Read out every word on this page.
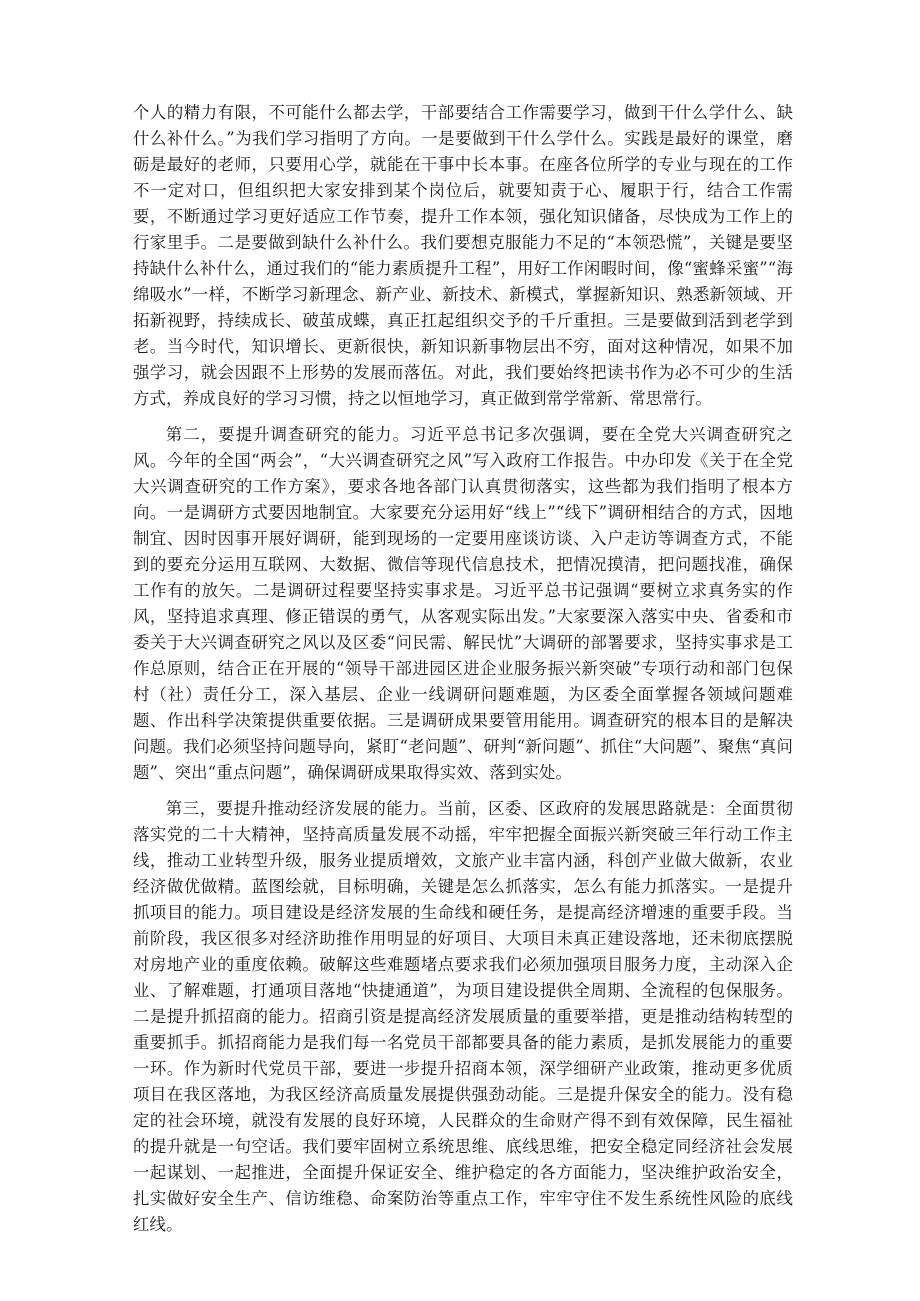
个人的精力有限，不可能什么都去学，干部要结合工作需要学习，做到干什么学什么、缺什么补什么。”为我们学习指明了方向。一是要做到干什么学什么。实践是最好的课堂，磨砺是最好的老师，只要用心学，就能在干事中长本事。在座各位所学的专业与现在的工作不一定对口，但组织把大家安排到某个岗位后，就要知责于心、履职于行，结合工作需要，不断通过学习更好适应工作节奏，提升工作本领，强化知识储备，尽快成为工作上的行家里手。二是要做到缺什么补什么。我们要想克服能力不足的“本领恐慌”，关键是要坚持缺什么补什么，通过我们的“能力素质提升工程”，用好工作闲暇时间，像“蜜蜂采蜜”“海绵吸水”一样，不断学习新理念、新产业、新技术、新模式，掌握新知识、熟悉新领域、开拓新视野，持续成长、破茧成蝶，真正扛起组织交予的千斤重担。三是要做到活到老学到老。当今时代，知识增长、更新很快，新知识新事物层出不穷，面对这种情况，如果不加强学习，就会因跟不上形势的发展而落伍。对此，我们要始终把读书作为必不可少的生活方式，养成良好的学习习惯，持之以恒地学习，真正做到常学常新、常思常行。

第二，要提升调查研究的能力。习近平总书记多次强调，要在全党大兴调查研究之风。今年的全国“两会”，“大兴调查研究之风”写入政府工作报告。中办印发《关于在全党大兴调查研究的工作方案》，要求各地各部门认真贯彻落实，这些都为我们指明了根本方向。一是调研方式要因地制宜。大家要充分运用好“线上”“线下”调研相结合的方式，因地制宜、因时因事开展好调研，能到现场的一定要用座谈访谈、入户走访等调查方式，不能到的要充分运用互联网、大数据、微信等现代信息技术，把情况摸清，把问题找准，确保工作有的放矢。二是调研过程要坚持实事求是。习近平总书记强调“要树立求真务实的作风，坚持追求真理、修正错误的勇气，从客观实际出发。”大家要深入落实中央、省委和市委关于大兴调查研究之风以及区委“问民需、解民忧”大调研的部署要求，坚持实事求是工作总原则，结合正在开展的“领导干部进园区进企业服务振兴新突破”专项行动和部门包保村（社）责任分工，深入基层、企业一线调研问题难题，为区委全面掌握各领域问题难题、作出科学决策提供重要依据。三是调研成果要管用能用。调查研究的根本目的是解决问题。我们必须坚持问题导向，紧盯“老问题”、研判“新问题”、抓住“大问题”、聚焦“真问题”、突出“重点问题”，确保调研成果取得实效、落到实处。

第三，要提升推动经济发展的能力。当前，区委、区政府的发展思路就是：全面贯彻落实党的二十大精神，坚持高质量发展不动摇，牢牢把握全面振兴新突破三年行动工作主线，推动工业转型升级，服务业提质增效，文旅产业丰富内涵，科创产业做大做新，农业经济做优做精。蓝图绘就，目标明确，关键是怎么抓落实，怎么有能力抓落实。一是提升抓项目的能力。项目建设是经济发展的生命线和硬任务，是提高经济增速的重要手段。当前阶段，我区很多对经济助推作用明显的好项目、大项目未真正建设落地，还未彻底摆脱对房地产业的重度依赖。破解这些难题堵点要求我们必须加强项目服务力度，主动深入企业、了解难题，打通项目落地“快捷通道”，为项目建设提供全周期、全流程的包保服务。二是提升抓招商的能力。招商引资是提高经济发展质量的重要举措，更是推动结构转型的重要抓手。抓招商能力是我们每一名党员干部都要具备的能力素质，是抓发展能力的重要一环。作为新时代党员干部，要进一步提升招商本领，深学细研产业政策，推动更多优质项目在我区落地，为我区经济高质量发展提供强劲动能。三是提升保安全的能力。没有稳定的社会环境，就没有发展的良好环境，人民群众的生命财产得不到有效保障，民生福祉的提升就是一句空话。我们要牢固树立系统思维、底线思维，把安全稳定同经济社会发展一起谋划、一起推进，全面提升保证安全、维护稳定的各方面能力，坚决维护政治安全，扎实做好安全生产、信访维稳、命案防治等重点工作，牢牢守住不发生系统性风险的底线红线。
